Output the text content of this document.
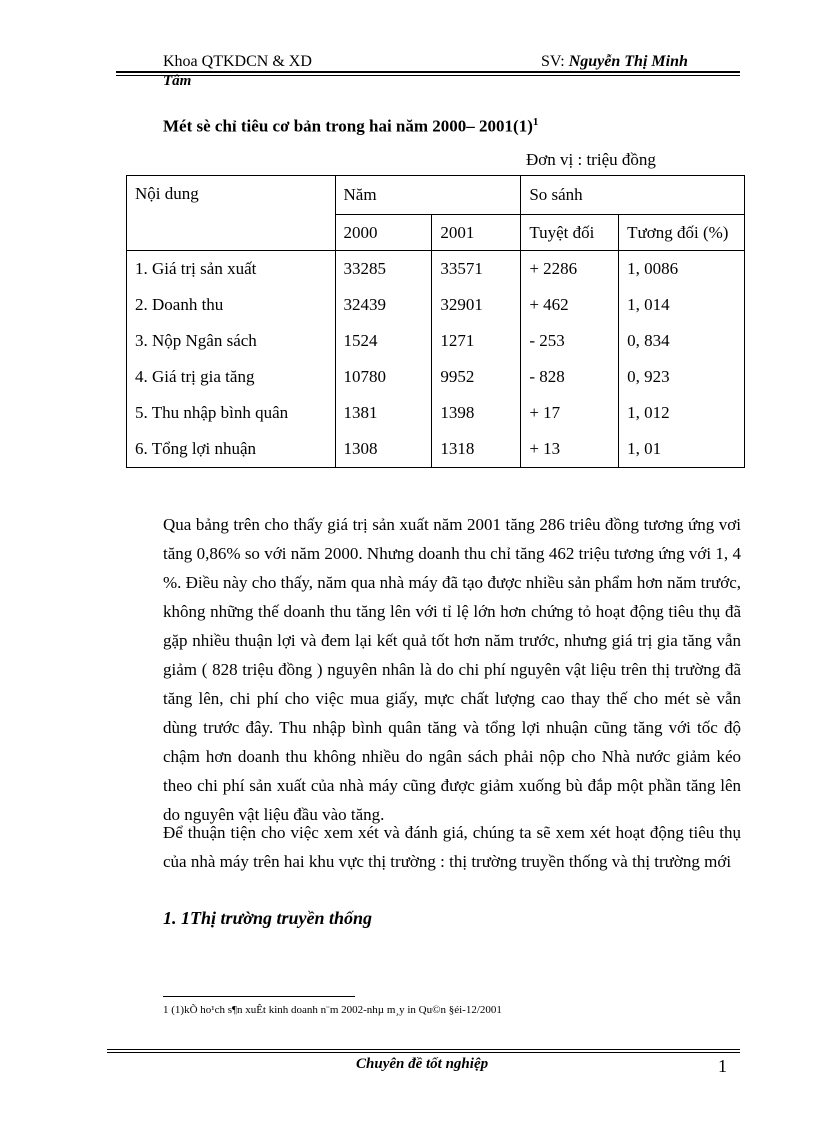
Khoa QTKDCN & XD
Tâm
SV: Nguyễn Thị Minh
Mét sè chỉ tiêu cơ bản trong hai năm 2000– $2001(1)^1$
Đơn vị : triệu đồng
Nội dung	Năm		So sánh	
	2000	2001	Tuyệt đối	Tương đối (%)
1. Giá trị sản xuất	33285	33571	+ 2286	1, 0086
2. Doanh thu	32439	32901	+ 462	1, 014
3. Nộp Ngân sách	1524	1271	- 253	0, 834
4. Giá trị gia tăng	10780	9952	- 828	0, 923
5. Thu nhập bình quân	1381	1398	+ 17	1, 012
6. Tổng lợi nhuận	1308	1318	+ 13	1, 01

Qua bảng trên cho thấy giá trị sản xuất năm 2001 tăng 286 triêu đồng tương ứng vơi tăng 0,86% so với năm 2000. Nhưng doanh thu chỉ tăng 462 triệu tương ứng với 1, 4 %. Điều này cho thấy, năm qua nhà máy đã tạo được nhiều sản phẩm hơn năm trước, không những thế doanh thu tăng lên với tỉ lệ lớn hơn chứng tỏ hoạt động tiêu thụ đã gặp nhiều thuận lợi và đem lại kết quả tốt hơn năm trước, nhưng giá trị gia tăng vẫn giảm ( 828 triệu đồng ) nguyên nhân là do chi phí nguyên vật liệu trên thị trường đã tăng lên, chi phí cho việc mua giấy, mực chất lượng cao thay thế cho mét sè vẫn dùng trước đây. Thu nhập bình quân tăng và tổng lợi nhuận cũng tăng với tốc độ chậm hơn doanh thu không nhiều do ngân sách phải nộp cho Nhà nước giảm kéo theo chi phí sản xuất của nhà máy cũng được giảm xuống bù đắp một phần tăng lên do nguyên vật liệu đầu vào tăng.

Để thuận tiện cho việc xem xét và đánh giá, chúng ta sẽ xem xét hoạt động tiêu thụ của nhà máy trên hai khu vực thị trường : thị trường truyền thống và thị trường mới

1. 1Thị trường truyền thống
1 (1)kÕ ho¹ch s¶n xuÊt kinh doanh n¨m 2002-nhµ m¸y in Qu©n §éi-12/2001
Chuyên đề tốt nghiệp	1
